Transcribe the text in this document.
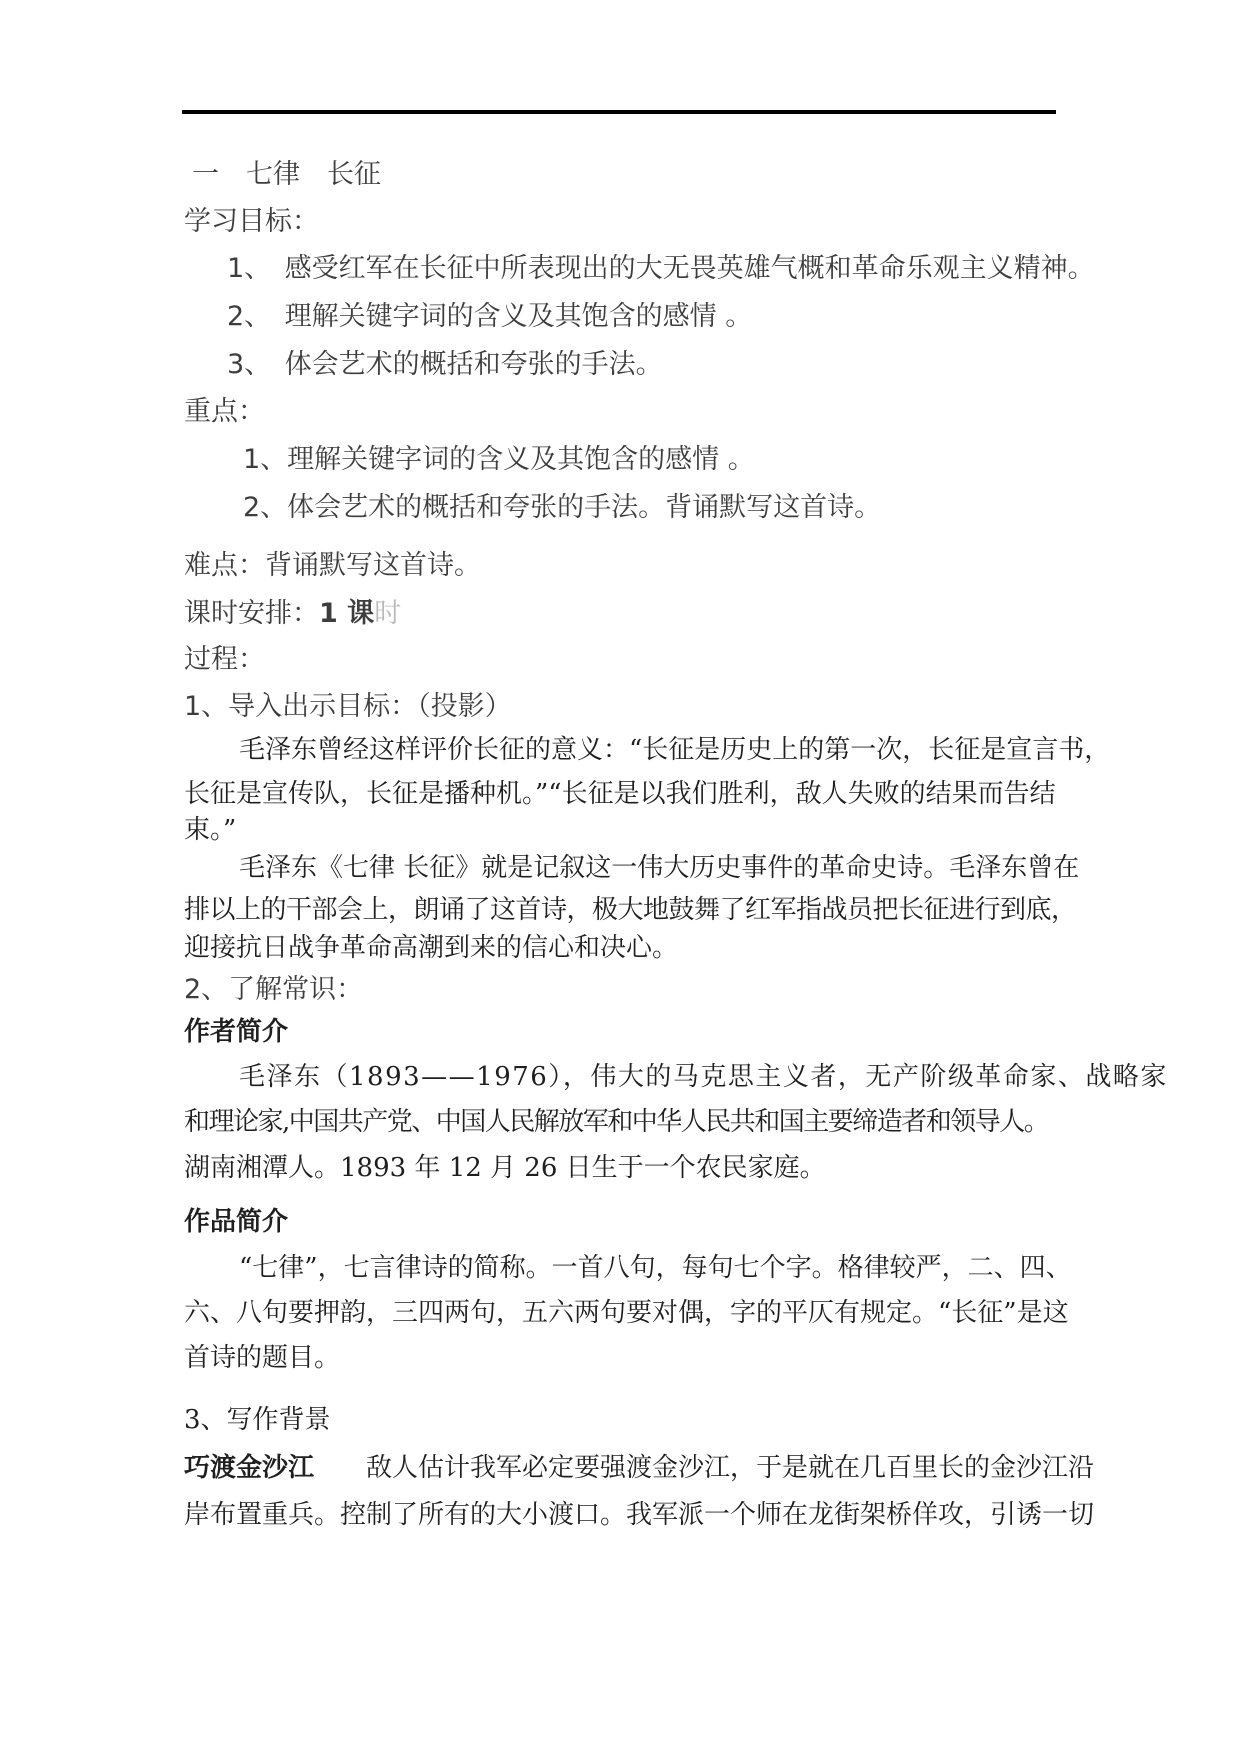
一　七律　长征
学习目标：
1、　感受红军在长征中所表现出的大无畏英雄气概和革命乐观主义精神。
2、　理解关键字词的含义及其饱含的感情 。
3、　体会艺术的概括和夸张的手法。
重点：
1、理解关键字词的含义及其饱含的感情 。
2、体会艺术的概括和夸张的手法。背诵默写这首诗。
难点：背诵默写这首诗。
课时安排：1 课时
过程：
1、导入出示目标：（投影）
毛泽东曾经这样评价长征的意义：“长征是历史上的第一次，长征是宣言书，
长征是宣传队，长征是播种机。”“长征是以我们胜利，敌人失败的结果而告结
束。”
毛泽东《七律 长征》就是记叙这一伟大历史事件的革命史诗。毛泽东曾在
排以上的干部会上，朗诵了这首诗，极大地鼓舞了红军指战员把长征进行到底，
迎接抗日战争革命高潮到来的信心和决心。
2、了解常识：
作者简介
毛泽东（1893——1976），伟大的马克思主义者，无产阶级革命家、战略家
和理论家,中国共产党、中国人民解放军和中华人民共和国主要缔造者和领导人。
湖南湘潭人。1893 年 12 月 26 日生于一个农民家庭。
作品简介
“七律”，七言律诗的简称。一首八句，每句七个字。格律较严，二、四、
六、八句要押韵，三四两句，五六两句要对偶，字的平仄有规定。“长征”是这
首诗的题目。
3、写作背景
巧渡金沙江　　敌人估计我军必定要强渡金沙江，于是就在几百里长的金沙江沿
岸布置重兵。控制了所有的大小渡口。我军派一个师在龙街架桥佯攻，引诱一切
